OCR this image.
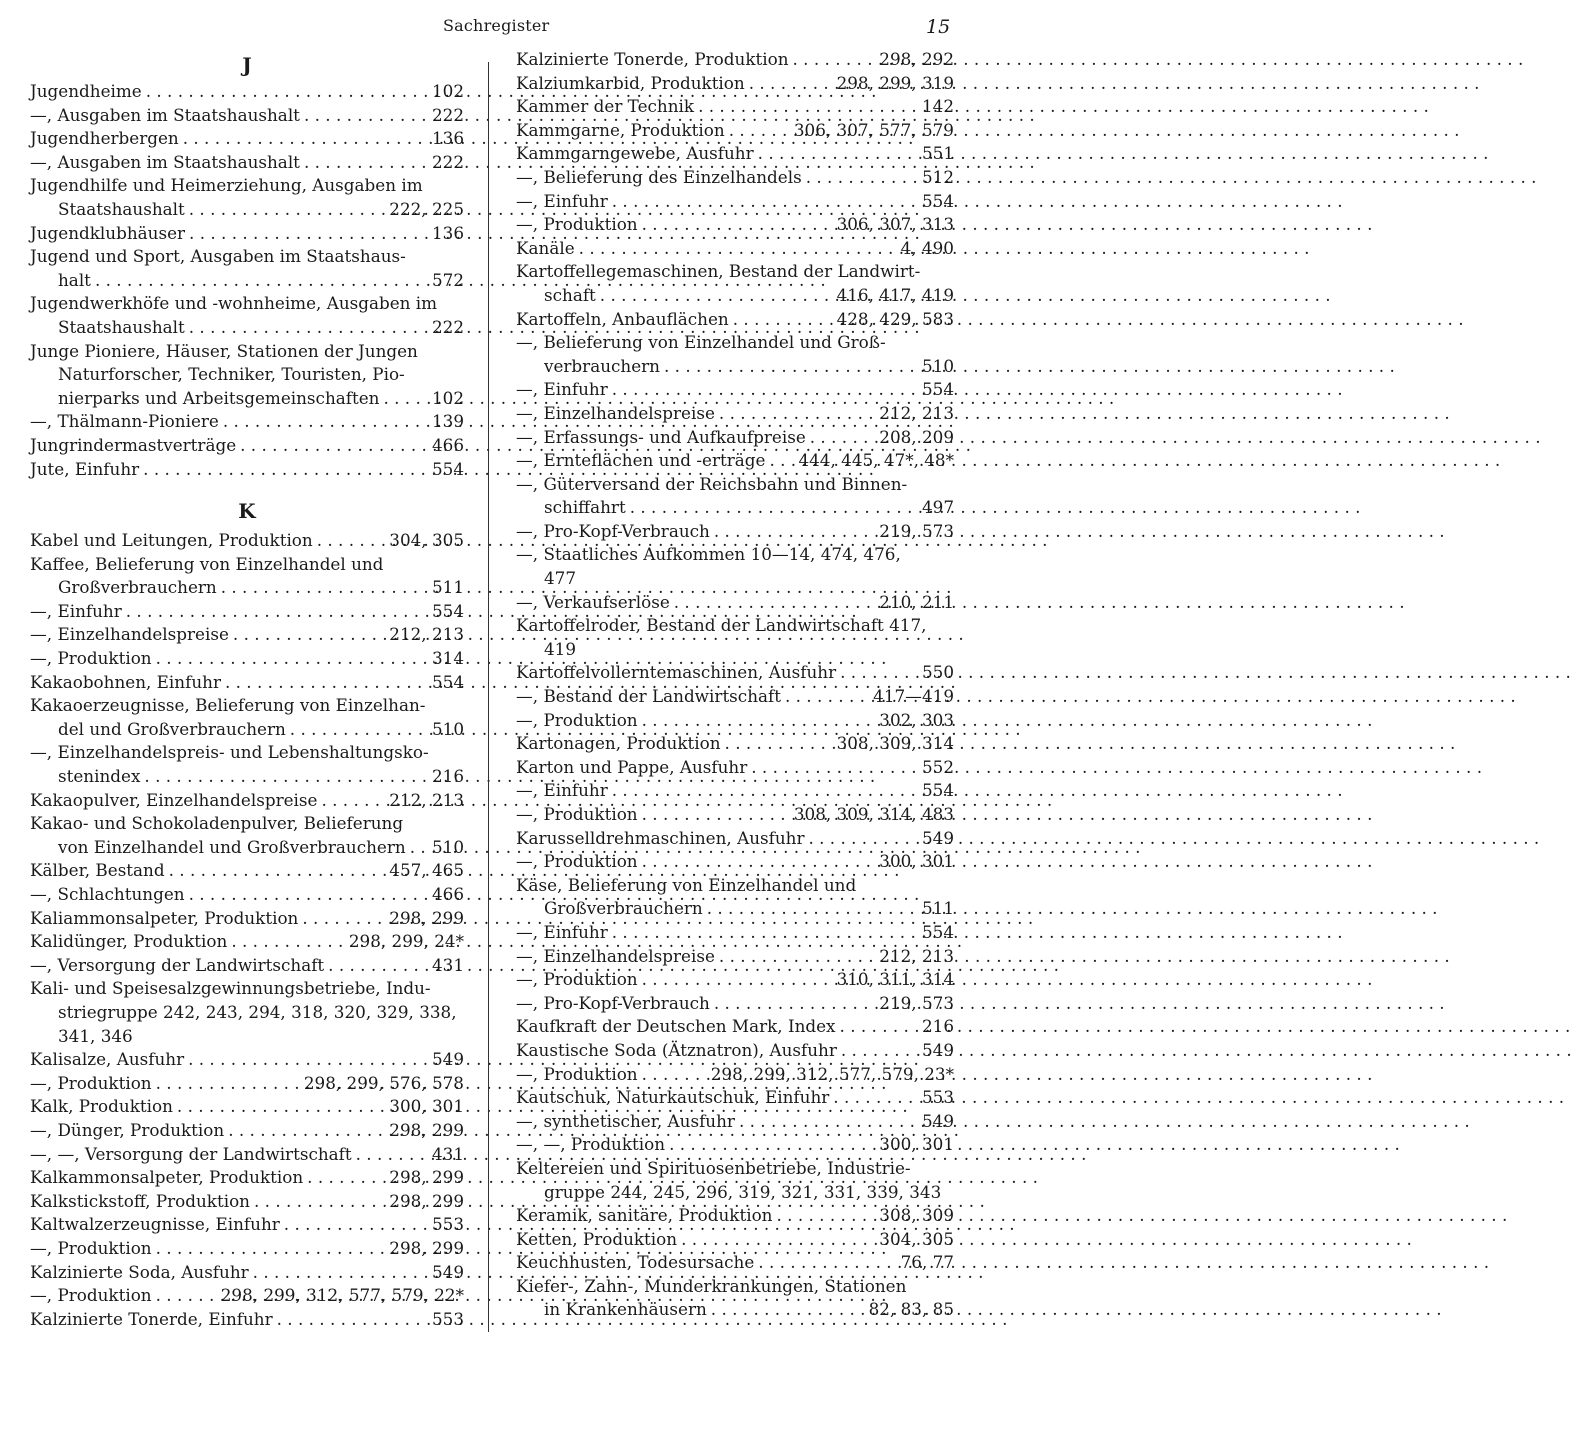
Sachregister	15
J
Jugendheime . . .	102
—, Ausgaben im Staatshaushalt . . .	222
Jugendherbergen . . .	136
—, Ausgaben im Staatshaushalt . . .	222
Jugendhilfe und Heimerziehung, Ausgaben im
Staatshaushalt . . .	222, 225
Jugendklubhäuser . . .	136
Jugend und Sport, Ausgaben im Staatshaus-
halt . . .	572
Jugendwerkhöfe und -wohnheime, Ausgaben im
Staatshaushalt . . .	222
Junge Pioniere, Häuser, Stationen der Jungen
Naturforscher, Techniker, Touristen, Pio-
nierparks und Arbeitsgemeinschaften . . .	102
—, Thälmann-Pioniere . . .	139
Jungrindermastverträge . . .	466
Jute, Einfuhr . . .	554
K
Kabel und Leitungen, Produktion . . .	304, 305
Kaffee, Belieferung von Einzelhandel und
Großverbrauchern . . .	511
—, Einfuhr . . .	554
—, Einzelhandelspreise . . .	212, 213
—, Produktion . . .	314
Kakaobohnen, Einfuhr . . .	554
Kakaoerzeugnisse, Belieferung von Einzelhan-
del und Großverbrauchern . . .	510
—, Einzelhandelspreis- und Lebenshaltungsko-
stenindex . . .	216
Kakaopulver, Einzelhandelspreise . . .	212, 213
Kakao- und Schokoladenpulver, Belieferung
von Einzelhandel und Großverbrauchern . . . 510
Kälber, Bestand . . .	457, 465
—, Schlachtungen . . .	466
Kaliammonsalpeter, Produktion . . .	298, 299
Kalidünger, Produktion . . .	298, 299, 24*
—, Versorgung der Landwirtschaft . . .	431
Kali- und Speisesalzgewinnungsbetriebe, Indu-
striegruppe 242, 243, 294, 318, 320, 329, 338,
341, 346
Kalisalze, Ausfuhr . . .	549
—, Produktion . . .	298, 299, 576, 578
Kalk, Produktion . . .	300, 301
—, Dünger, Produktion . . .	298, 299
—, —, Versorgung der Landwirtschaft . . .	431
Kalkammonsalpeter, Produktion . . .	298, 299
Kalkstickstoff, Produktion . . .	298, 299
Kaltwalzerzeugnisse, Einfuhr . . .	553
—, Produktion . . .	298, 299
Kalzinierte Soda, Ausfuhr . . .	549
—, Produktion . . .	298, 299, 312, 577, 579, 22*
Kalzinierte Tonerde, Einfuhr . . .	553
Kalzinierte Tonerde, Produktion . . .	298, 292
Kalziumkarbid, Produktion . . .	298, 299, 319
Kammer der Technik . . .	142
Kammgarne, Produktion . . .	306, 307, 577, 579
Kammgarngewebe, Ausfuhr . . .	551
—, Belieferung des Einzelhandels . . .	512
—, Einfuhr . . .	554
—, Produktion . . .	306, 307, 313
Kanäle . . .	4, 490
Kartoffellegemaschinen, Bestand der Landwirt-
schaft . . .	416, 417, 419
Kartoffeln, Anbauflächen . . .	428, 429, 583
—, Belieferung von Einzelhandel und Groß-
verbrauchern . . .	510
—, Einfuhr . . .	554
—, Einzelhandelspreise . . .	212, 213
—, Erfassungs- und Aufkaufpreise . . .	208, 209
—, Ernteflächen und -erträge . . . 444, 445, 47*, 48*
—, Güterversand der Reichsbahn und Binnen-
schiffahrt . . .	497
—, Pro-Kopf-Verbrauch . . .	219, 573
—, Staatliches Aufkommen 10—14, 474, 476,
477
—, Verkaufserlöse . . .	210, 211
Kartoffelroder, Bestand der Landwirtschaft 417,
419
Kartoffelvollerntemaschinen, Ausfuhr . . .	550
—, Bestand der Landwirtschaft . . .	417—419
—, Produktion . . .	302, 303
Kartonagen, Produktion . . .	308, 309, 314
Karton und Pappe, Ausfuhr . . .	552
—, Einfuhr . . .	554
—, Produktion . . .	308, 309, 314, 483
Karusselldrehmaschinen, Ausfuhr . . .	549
—, Produktion . . .	300, 301
Käse, Belieferung von Einzelhandel und
Großverbrauchern . . .	511
—, Einfuhr . . .	554
—, Einzelhandelspreise . . .	212, 213
—, Produktion . . .	310, 311, 314
—, Pro-Kopf-Verbrauch . . .	219, 573
Kaufkraft der Deutschen Mark, Index . . .	216
Kaustische Soda (Ätznatron), Ausfuhr . . .	549
—, Produktion . . .	298, 299, 312, 577, 579, 23*
Kautschuk, Naturkautschuk, Einfuhr . . .	553
—, synthetischer, Ausfuhr . . .	549
—, —, Produktion . . .	300, 301
Keltereien und Spirituosenbetriebe, Industrie-
gruppe 244, 245, 296, 319, 321, 331, 339, 343
Keramik, sanitäre, Produktion . . .	308, 309
Ketten, Produktion . . .	304, 305
Keuchhusten, Todesursache . . .	76, 77
Kiefer-, Zahn-, Munderkrankungen, Stationen
in Krankenhäusern . . .	82, 83, 85
